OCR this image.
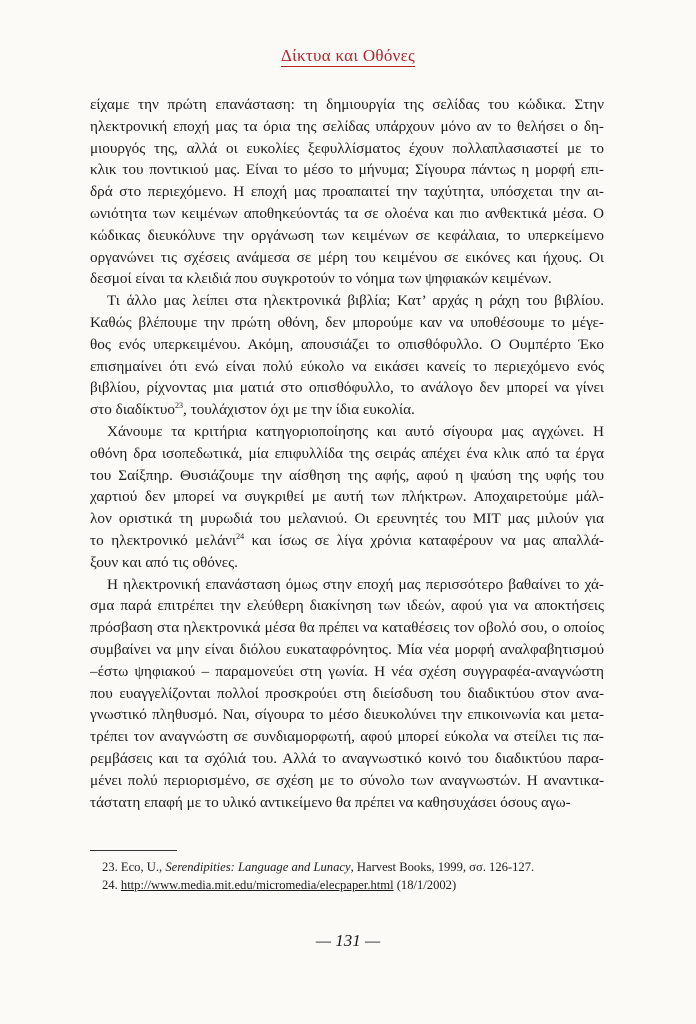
Δίκτυα και Οθόνες
είχαμε την πρώτη επανάσταση: τη δημιουργία της σελίδας του κώδικα. Στην
ηλεκτρονική εποχή μας τα όρια της σελίδας υπάρχουν μόνο αν το θελήσει ο δη-
μιουργός της, αλλά οι ευκολίες ξεφυλλίσματος έχουν πολλαπλασιαστεί με το
κλικ του ποντικιού μας. Είναι το μέσο το μήνυμα; Σίγουρα πάντως η μορφή επι-
δρά στο περιεχόμενο. Η εποχή μας προαπαιτεί την ταχύτητα, υπόσχεται την αι-
ωνιότητα των κειμένων αποθηκεύοντάς τα σε ολοένα και πιο ανθεκτικά μέσα. Ο
κώδικας διευκόλυνε την οργάνωση των κειμένων σε κεφάλαια, το υπερκείμενο
οργανώνει τις σχέσεις ανάμεσα σε μέρη του κειμένου σε εικόνες και ήχους. Οι
δεσμοί είναι τα κλειδιά που συγκροτούν το νόημα των ψηφιακών κειμένων.
Τι άλλο μας λείπει στα ηλεκτρονικά βιβλία; Κατ’ αρχάς η ράχη του βιβλίου.
Καθώς βλέπουμε την πρώτη οθόνη, δεν μπορούμε καν να υποθέσουμε το μέγε-
θος ενός υπερκειμένου. Ακόμη, απουσιάζει το οπισθόφυλλο. Ο Ουμπέρτο Έκο
επισημαίνει ότι ενώ είναι πολύ εύκολο να εικάσει κανείς το περιεχόμενο ενός
βιβλίου, ρίχνοντας μια ματιά στο οπισθόφυλλο, το ανάλογο δεν μπορεί να γίνει
στο διαδίκτυο$^{23}$, τουλάχιστον όχι με την ίδια ευκολία.
Χάνουμε τα κριτήρια κατηγοριοποίησης και αυτό σίγουρα μας αγχώνει. Η
οθόνη δρα ισοπεδωτικά, μία επιφυλλίδα της σειράς απέχει ένα κλικ από τα έργα
του Σαίξπηρ. Θυσιάζουμε την αίσθηση της αφής, αφού η ψαύση της υφής του
χαρτιού δεν μπορεί να συγκριθεί με αυτή των πλήκτρων. Αποχαιρετούμε μάλ-
λον οριστικά τη μυρωδιά του μελανιού. Οι ερευνητές του ΜΙΤ μας μιλούν για
το ηλεκτρονικό μελάνι$^{24}$ και ίσως σε λίγα χρόνια καταφέρουν να μας απαλλά-
ξουν και από τις οθόνες.
Η ηλεκτρονική επανάσταση όμως στην εποχή μας περισσότερο βαθαίνει το χά-
σμα παρά επιτρέπει την ελεύθερη διακίνηση των ιδεών, αφού για να αποκτήσεις
πρόσβαση στα ηλεκτρονικά μέσα θα πρέπει να καταθέσεις τον οβολό σου, ο οποίος
συμβαίνει να μην είναι διόλου ευκαταφρόνητος. Μία νέα μορφή αναλφαβητισμού
–έστω ψηφιακού – παραμονεύει στη γωνία. Η νέα σχέση συγγραφέα-αναγνώστη
που ευαγγελίζονται πολλοί προσκρούει στη διείσδυση του διαδικτύου στον ανα-
γνωστικό πληθυσμό. Ναι, σίγουρα το μέσο διευκολύνει την επικοινωνία και μετα-
τρέπει τον αναγνώστη σε συνδιαμορφωτή, αφού μπορεί εύκολα να στείλει τις πα-
ρεμβάσεις και τα σχόλιά του. Αλλά το αναγνωστικό κοινό του διαδικτύου παρα-
μένει πολύ περιορισμένο, σε σχέση με το σύνολο των αναγνωστών. Η αναντικα-
τάστατη επαφή με το υλικό αντικείμενο θα πρέπει να καθησυχάσει όσους αγω-
23. Eco, U., Serendipities: Language and Lunacy, Harvest Books, 1999, σσ. 126-127.
24. http://www.media.mit.edu/micromedia/elecpaper.html (18/1/2002)
— 131 —
